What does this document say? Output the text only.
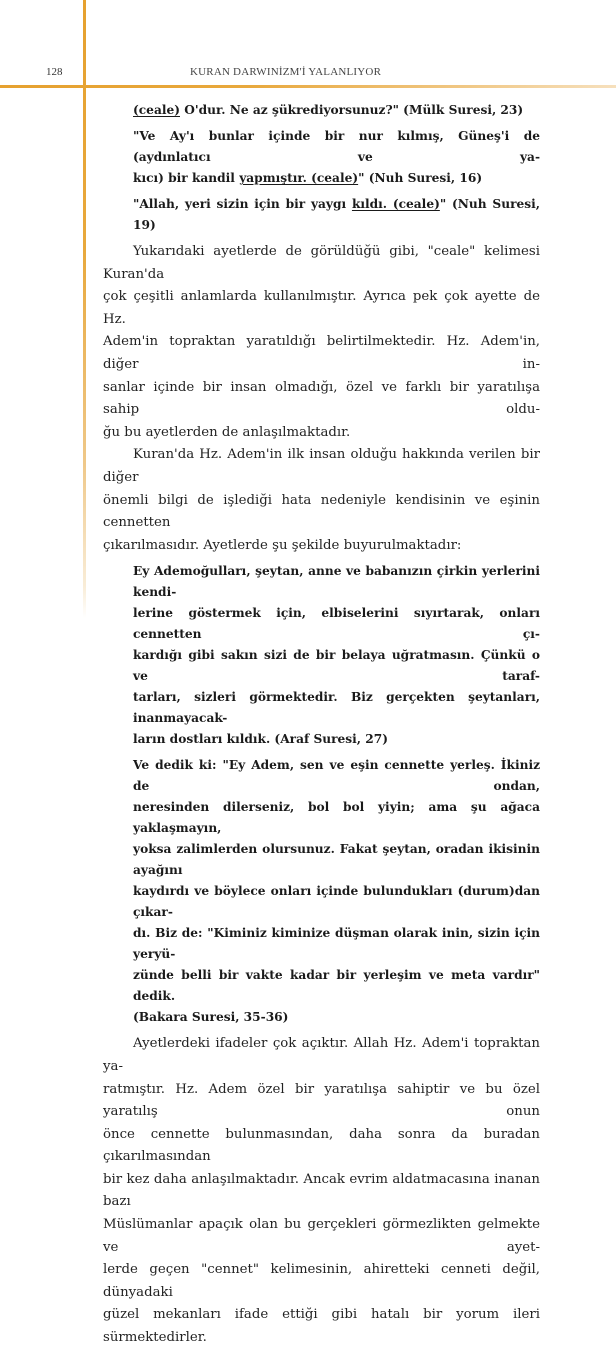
128	KURAN DARWINİZM'İ YALANLIYOR
(ceale) O'dur. Ne az şükrediyorsunuz?" (Mülk Suresi, 23)
"Ve Ay'ı bunlar içinde bir nur kılmış, Güneş'i de (aydınlatıcı ve ya-
kıcı) bir kandil yapmıştır. (ceale)" (Nuh Suresi, 16)
"Allah, yeri sizin için bir yaygı kıldı. (ceale)" (Nuh Suresi, 19)
Yukarıdaki ayetlerde de görüldüğü gibi, "ceale" kelimesi Kuran'da
çok çeşitli anlamlarda kullanılmıştır. Ayrıca pek çok ayette de Hz.
Adem'in topraktan yaratıldığı belirtilmektedir. Hz. Adem'in, diğer in-
sanlar içinde bir insan olmadığı, özel ve farklı bir yaratılışa sahip oldu-
ğu bu ayetlerden de anlaşılmaktadır.
Kuran'da Hz. Adem'in ilk insan olduğu hakkında verilen bir diğer
önemli bilgi de işlediği hata nedeniyle kendisinin ve eşinin cennetten
çıkarılmasıdır. Ayetlerde şu şekilde buyurulmaktadır:
Ey Ademoğulları, şeytan, anne ve babanızın çirkin yerlerini kendi-
lerine göstermek için, elbiselerini sıyırtarak, onları cennetten çı-
kardığı gibi sakın sizi de bir belaya uğratmasın. Çünkü o ve taraf-
tarları, sizleri görmektedir. Biz gerçekten şeytanları, inanmayacak-
ların dostları kıldık. (Araf Suresi, 27)
Ve dedik ki: "Ey Adem, sen ve eşin cennette yerleş. İkiniz de ondan,
neresinden dilerseniz, bol bol yiyin; ama şu ağaca yaklaşmayın,
yoksa zalimlerden olursunuz. Fakat şeytan, oradan ikisinin ayağını
kaydırdı ve böylece onları içinde bulundukları (durum)dan çıkar-
dı. Biz de: "Kiminiz kiminize düşman olarak inin, sizin için yeryü-
zünde belli bir vakte kadar bir yerleşim ve meta vardır" dedik.
(Bakara Suresi, 35-36)
Ayetlerdeki ifadeler çok açıktır. Allah Hz. Adem'i topraktan ya-
ratmıştır. Hz. Adem özel bir yaratılışa sahiptir ve bu özel yaratılış onun
önce cennette bulunmasından, daha sonra da buradan çıkarılmasından
bir kez daha anlaşılmaktadır. Ancak evrim aldatmacasına inanan bazı
Müslümanlar apaçık olan bu gerçekleri görmezlikten gelmekte ve ayet-
lerde geçen "cennet" kelimesinin, ahiretteki cenneti değil, dünyadaki
güzel mekanları ifade ettiği gibi hatalı bir yorum ileri sürmektedirler.
